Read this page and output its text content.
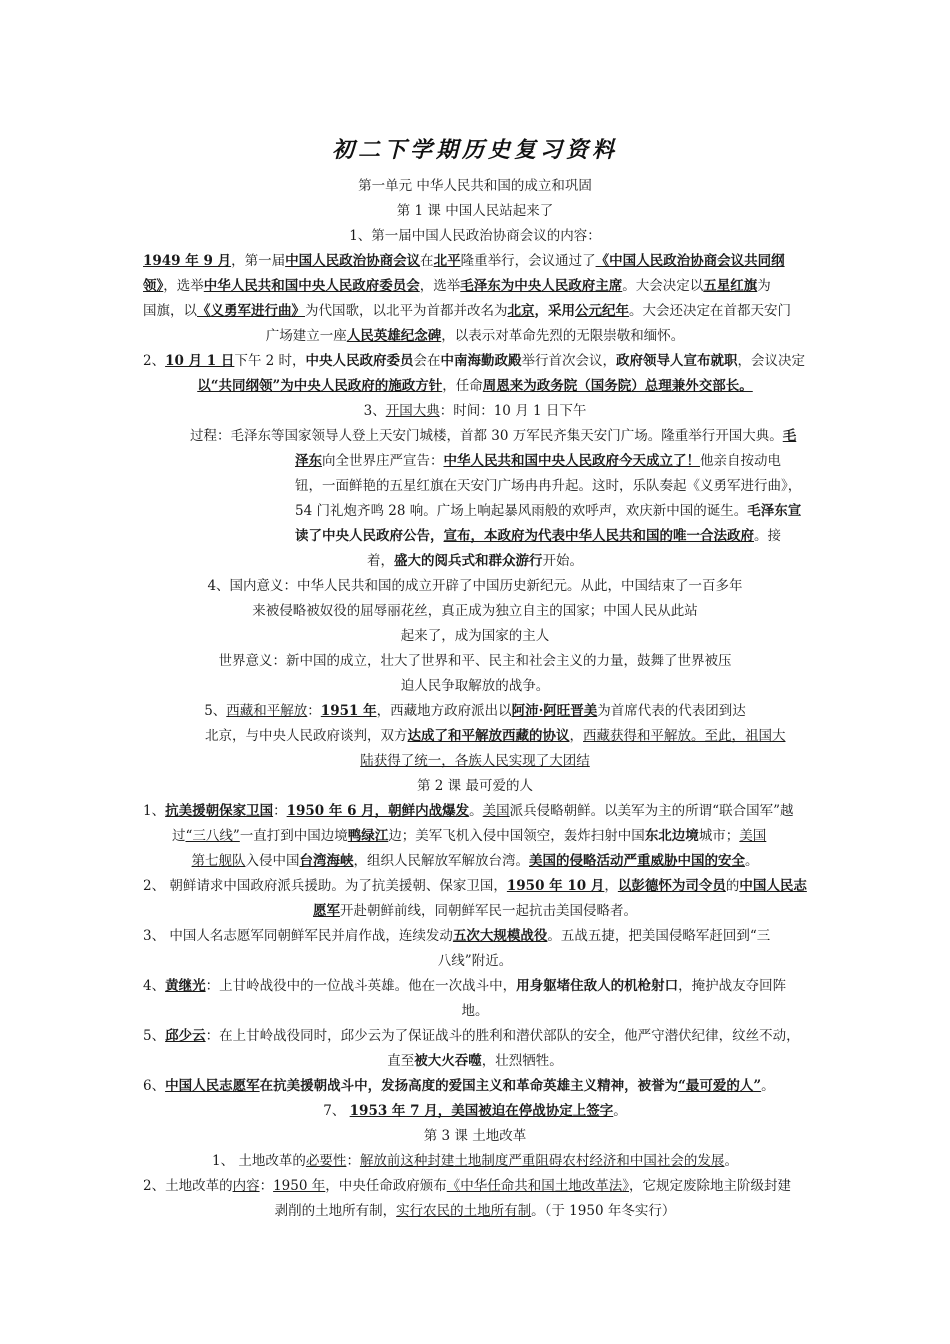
初二下学期历史复习资料
第一单元 中华人民共和国的成立和巩固
第 1 课 中国人民站起来了
1、第一届中国人民政治协商会议的内容：
1949 年 9 月，第一届中国人民政治协商会议在北平隆重举行，会议通过了《中国人民政治协商会议共同纲
领》，选举中华人民共和国中央人民政府委员会，选举毛泽东为中央人民政府主席。大会决定以五星红旗为
国旗，以《义勇军进行曲》为代国歌，以北平为首都并改名为北京，采用公元纪年。大会还决定在首都天安门
广场建立一座人民英雄纪念碑，以表示对革命先烈的无限崇敬和缅怀。
2、10 月 1 日下午 2 时，中央人民政府委员会在中南海勤政殿举行首次会议，政府领导人宣布就职，会议决定
以“共同纲领”为中央人民政府的施政方针，任命周恩来为政务院（国务院）总理兼外交部长。
3、开国大典：时间：10 月 1 日下午
过程：毛泽东等国家领导人登上天安门城楼，首都 30 万军民齐集天安门广场。隆重举行开国大典。毛
泽东向全世界庄严宣告：中华人民共和国中央人民政府今天成立了！他亲自按动电
钮，一面鲜艳的五星红旗在天安门广场冉冉升起。这时，乐队奏起《义勇军进行曲》，
54 门礼炮齐鸣 28 响。广场上响起暴风雨般的欢呼声，欢庆新中国的诞生。毛泽东宣
读了中央人民政府公告，宣布，本政府为代表中华人民共和国的唯一合法政府。接
着，盛大的阅兵式和群众游行开始。
4、国内意义：中华人民共和国的成立开辟了中国历史新纪元。从此，中国结束了一百多年
来被侵略被奴役的屈辱丽花丝，真正成为独立自主的国家；中国人民从此站
起来了，成为国家的主人
世界意义：新中国的成立，壮大了世界和平、民主和社会主义的力量，鼓舞了世界被压
迫人民争取解放的战争。
5、西藏和平解放：1951 年，西藏地方政府派出以阿沛·阿旺晋美为首席代表的代表团到达
北京，与中央人民政府谈判，双方达成了和平解放西藏的协议，西藏获得和平解放。至此，祖国大
陆获得了统一，各族人民实现了大团结
第 2 课 最可爱的人
1、抗美援朝保家卫国：1950 年 6 月，朝鲜内战爆发。美国派兵侵略朝鲜。以美军为主的所谓“联合国军”越
过“三八线”一直打到中国边境鸭绿江边；美军飞机入侵中国领空，轰炸扫射中国东北边境城市；美国
第七舰队入侵中国台湾海峡，组织人民解放军解放台湾。美国的侵略活动严重威胁中国的安全。
2、 朝鲜请求中国政府派兵援助。为了抗美援朝、保家卫国，1950 年 10 月，以彭德怀为司令员的中国人民志
愿军开赴朝鲜前线，同朝鲜军民一起抗击美国侵略者。
3、 中国人名志愿军同朝鲜军民并肩作战，连续发动五次大规模战役。五战五捷，把美国侵略军赶回到“三
八线”附近。
4、黄继光：上甘岭战役中的一位战斗英雄。他在一次战斗中，用身躯堵住敌人的机枪射口，掩护战友夺回阵
地。
5、邱少云：在上甘岭战役同时，邱少云为了保证战斗的胜利和潜伏部队的安全，他严守潜伏纪律，纹丝不动，
直至被大火吞噬，壮烈牺牲。
6、中国人民志愿军在抗美援朝战斗中，发扬高度的爱国主义和革命英雄主义精神，被誉为“最可爱的人”。
7、 1953 年 7 月，美国被迫在停战协定上签字。
第 3 课 土地改革
1、 土地改革的必要性：解放前这种封建土地制度严重阻碍农村经济和中国社会的发展。
2、土地改革的内容：1950 年，中央任命政府颁布《中华任命共和国土地改革法》，它规定废除地主阶级封建
剥削的土地所有制，实行农民的土地所有制。（于 1950 年冬实行）
